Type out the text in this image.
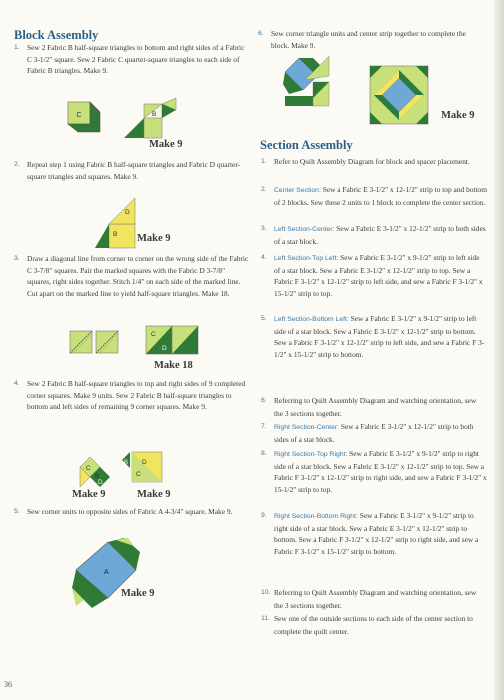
Block Assembly
1. Sew 2 Fabric B half-square triangles to bottom and right sides of a Fabric C 3-1/2" square. Sew 2 Fabric C quarter-square triangles to each side of Fabric B triangles. Make 9.
C	B
Make 9
2. Repeat step 1 using Fabric B half-square triangles and Fabric D quarter-square triangles and squares. Make 9.
D
B Make 9
3. Draw a diagonal line from corner to corner on the wrong side of the Fabric C 3-7/8" squares. Pair the marked squares with the Fabric D 3-7/8" squares, right sides together. Stitch 1/4" on each side of the marked line. Cut apart on the marked line to yield half-square triangles. Make 18.
C
D
Make 18
4. Sew 2 Fabric B half-square triangles to top and right sides of 9 completed corner squares. Make 9 units. Sew 2 Fabric B half-square triangles to bottom and left sides of remaining 9 corner squares. Make 9.
C
B
D
D
C
B
Make 9	Make 9
5. Sew corner units to opposite sides of Fabric A 4-3/4" square. Make 9.
A
Make 9
36
6. Sew corner triangle units and center strip together to complete the block. Make 9.
Make 9
Section Assembly
1. Refer to Quilt Assembly Diagram for block and spacer placement.
2. Center Section: Sew a Fabric E 3-1/2" x 12-1/2" strip to top and bottom of 2 blocks. Sew these 2 units to 1 block to complete the center section.
3. Left Section-Center: Sew a Fabric E 3-1/2" x 12-1/2" strip to both sides of a star block.
4. Left Section-Top Left: Sew a Fabric E 3-1/2" x 9-1/2" strip to left side of a star block. Sew a Fabric E 3-1/2" x 12-1/2" strip to top. Sew a Fabric F 3-1/2" x 12-1/2" strip to left side, and sew a Fabric F 3-1/2" x 15-1/2" strip to top.
5. Left Section-Bottom Left: Sew a Fabric E 3-1/2" x 9-1/2" strip to left side of a star block. Sew a Fabric E 3-1/2" x 12-1/2" strip to bottom. Sew a Fabric F 3-1/2" x 12-1/2" strip to left side, and sew a Fabric F 3-1/2" x 15-1/2" strip to bottom.
6. Referring to Quilt Assembly Diagram and watching orientation, sew the 3 sections together.
7. Right Section-Center: Sew a Fabric E 3-1/2" x 12-1/2" strip to both sides of a star block.
8. Right Section-Top Right: Sew a Fabric E 3-1/2" x 9-1/2" strip to right side of a star block. Sew a Fabric E 3-1/2" x 12-1/2" strip to top. Sew a Fabric F 3-1/2" x 12-1/2" strip to right side, and sew a Fabric F 3-1/2" x 15-1/2" strip to top.
9. Right Section-Bottom Right: Sew a Fabric E 3-1/2" x 9-1/2" strip to right side of a star block. Sew a Fabric E 3-1/2" x 12-1/2" strip to bottom. Sew a Fabric F 3-1/2" x 12-1/2" strip to right side, and sew a Fabric F 3-1/2" x 15-1/2" strip to bottom.
10. Referring to Quilt Assembly Diagram and watching orientation, sew the 3 sections together.
11. Sew one of the outside sections to each side of the center section to complete the quilt center.
